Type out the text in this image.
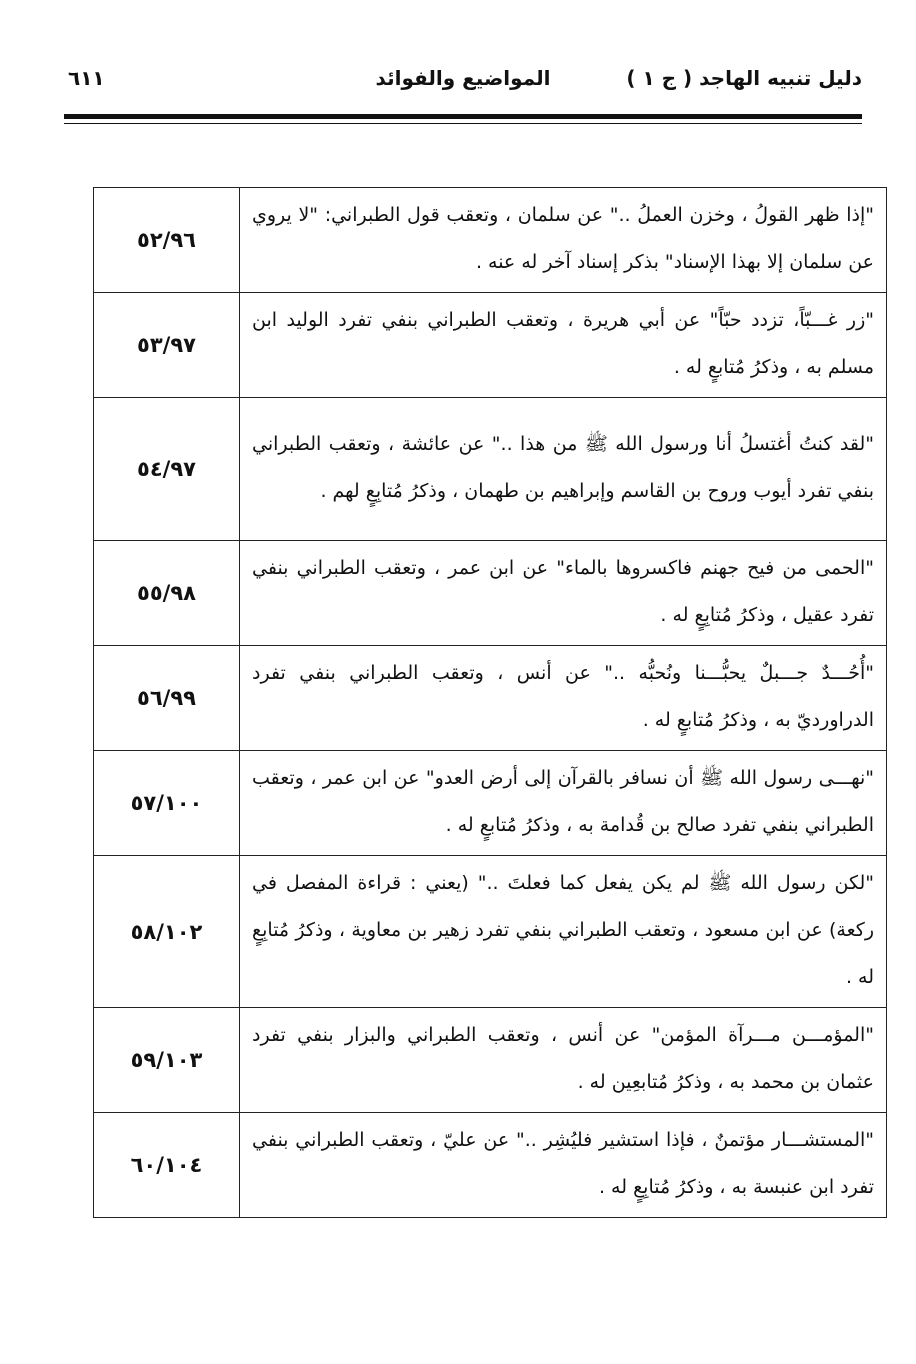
دليل تنبيه الهاجد ( ج ١ )
المواضيع والفوائد
٦١١
"إذا ظهر القولُ ، وخزن العملُ .." عن سلمان ، وتعقب قول الطبراني: "لا يروي عن سلمان إلا بهذا الإسناد" بذكر إسناد آخر له عنه .	٥٢/٩٦
"زر غـــبّاً، تزدد حبّاً" عن أبي هريرة ، وتعقب الطبراني بنفي تفرد الوليد ابن مسلم به ، وذكرُ مُتابعٍ له .	٥٣/٩٧
"لقد كنتُ أغتسلُ أنا ورسول الله ﷺ من هذا .." عن عائشة ، وتعقب الطبراني بنفي تفرد أيوب وروح بن القاسم وإبراهيم بن طهمان ، وذكرُ مُتابِعٍ لهم .	٥٤/٩٧
"الحمى من فيح جهنم فاكسروها بالماء" عن ابن عمر ، وتعقب الطبراني بنفي تفرد عقيل ، وذكرُ مُتابِعٍ له .	٥٥/٩٨
"أُحُـــدٌ جـــبلٌ يحبُّـــنا ونُحبُّه .." عن أنس ، وتعقب الطبراني بنفي تفرد الدراورديّ به ، وذكرُ مُتابعٍ له .	٥٦/٩٩
"نهـــى رسول الله ﷺ أن نسافر بالقرآن إلى أرض العدو" عن ابن عمر ، وتعقب الطبراني بنفي تفرد صالح بن قُدامة به ، وذكرُ مُتابعٍ له .	٥٧/١٠٠
"لكن رسول الله ﷺ لم يكن يفعل كما فعلتَ .." (يعني : قراءة المفصل في ركعة) عن ابن مسعود ، وتعقب الطبراني بنفي تفرد زهير بن معاوية ، وذكرُ مُتابِعٍ له .	٥٨/١٠٢
"المؤمـــن مـــرآة المؤمن" عن أنس ، وتعقب الطبراني والبزار بنفي تفرد عثمان بن محمد به ، وذكرُ مُتابعِين له .	٥٩/١٠٣
"المستشـــار مؤتمنٌ ، فإذا استشير فليُشِر .." عن عليّ ، وتعقب الطبراني بنفي تفرد ابن عنبسة به ، وذكرُ مُتابِعٍ له .	٦٠/١٠٤
